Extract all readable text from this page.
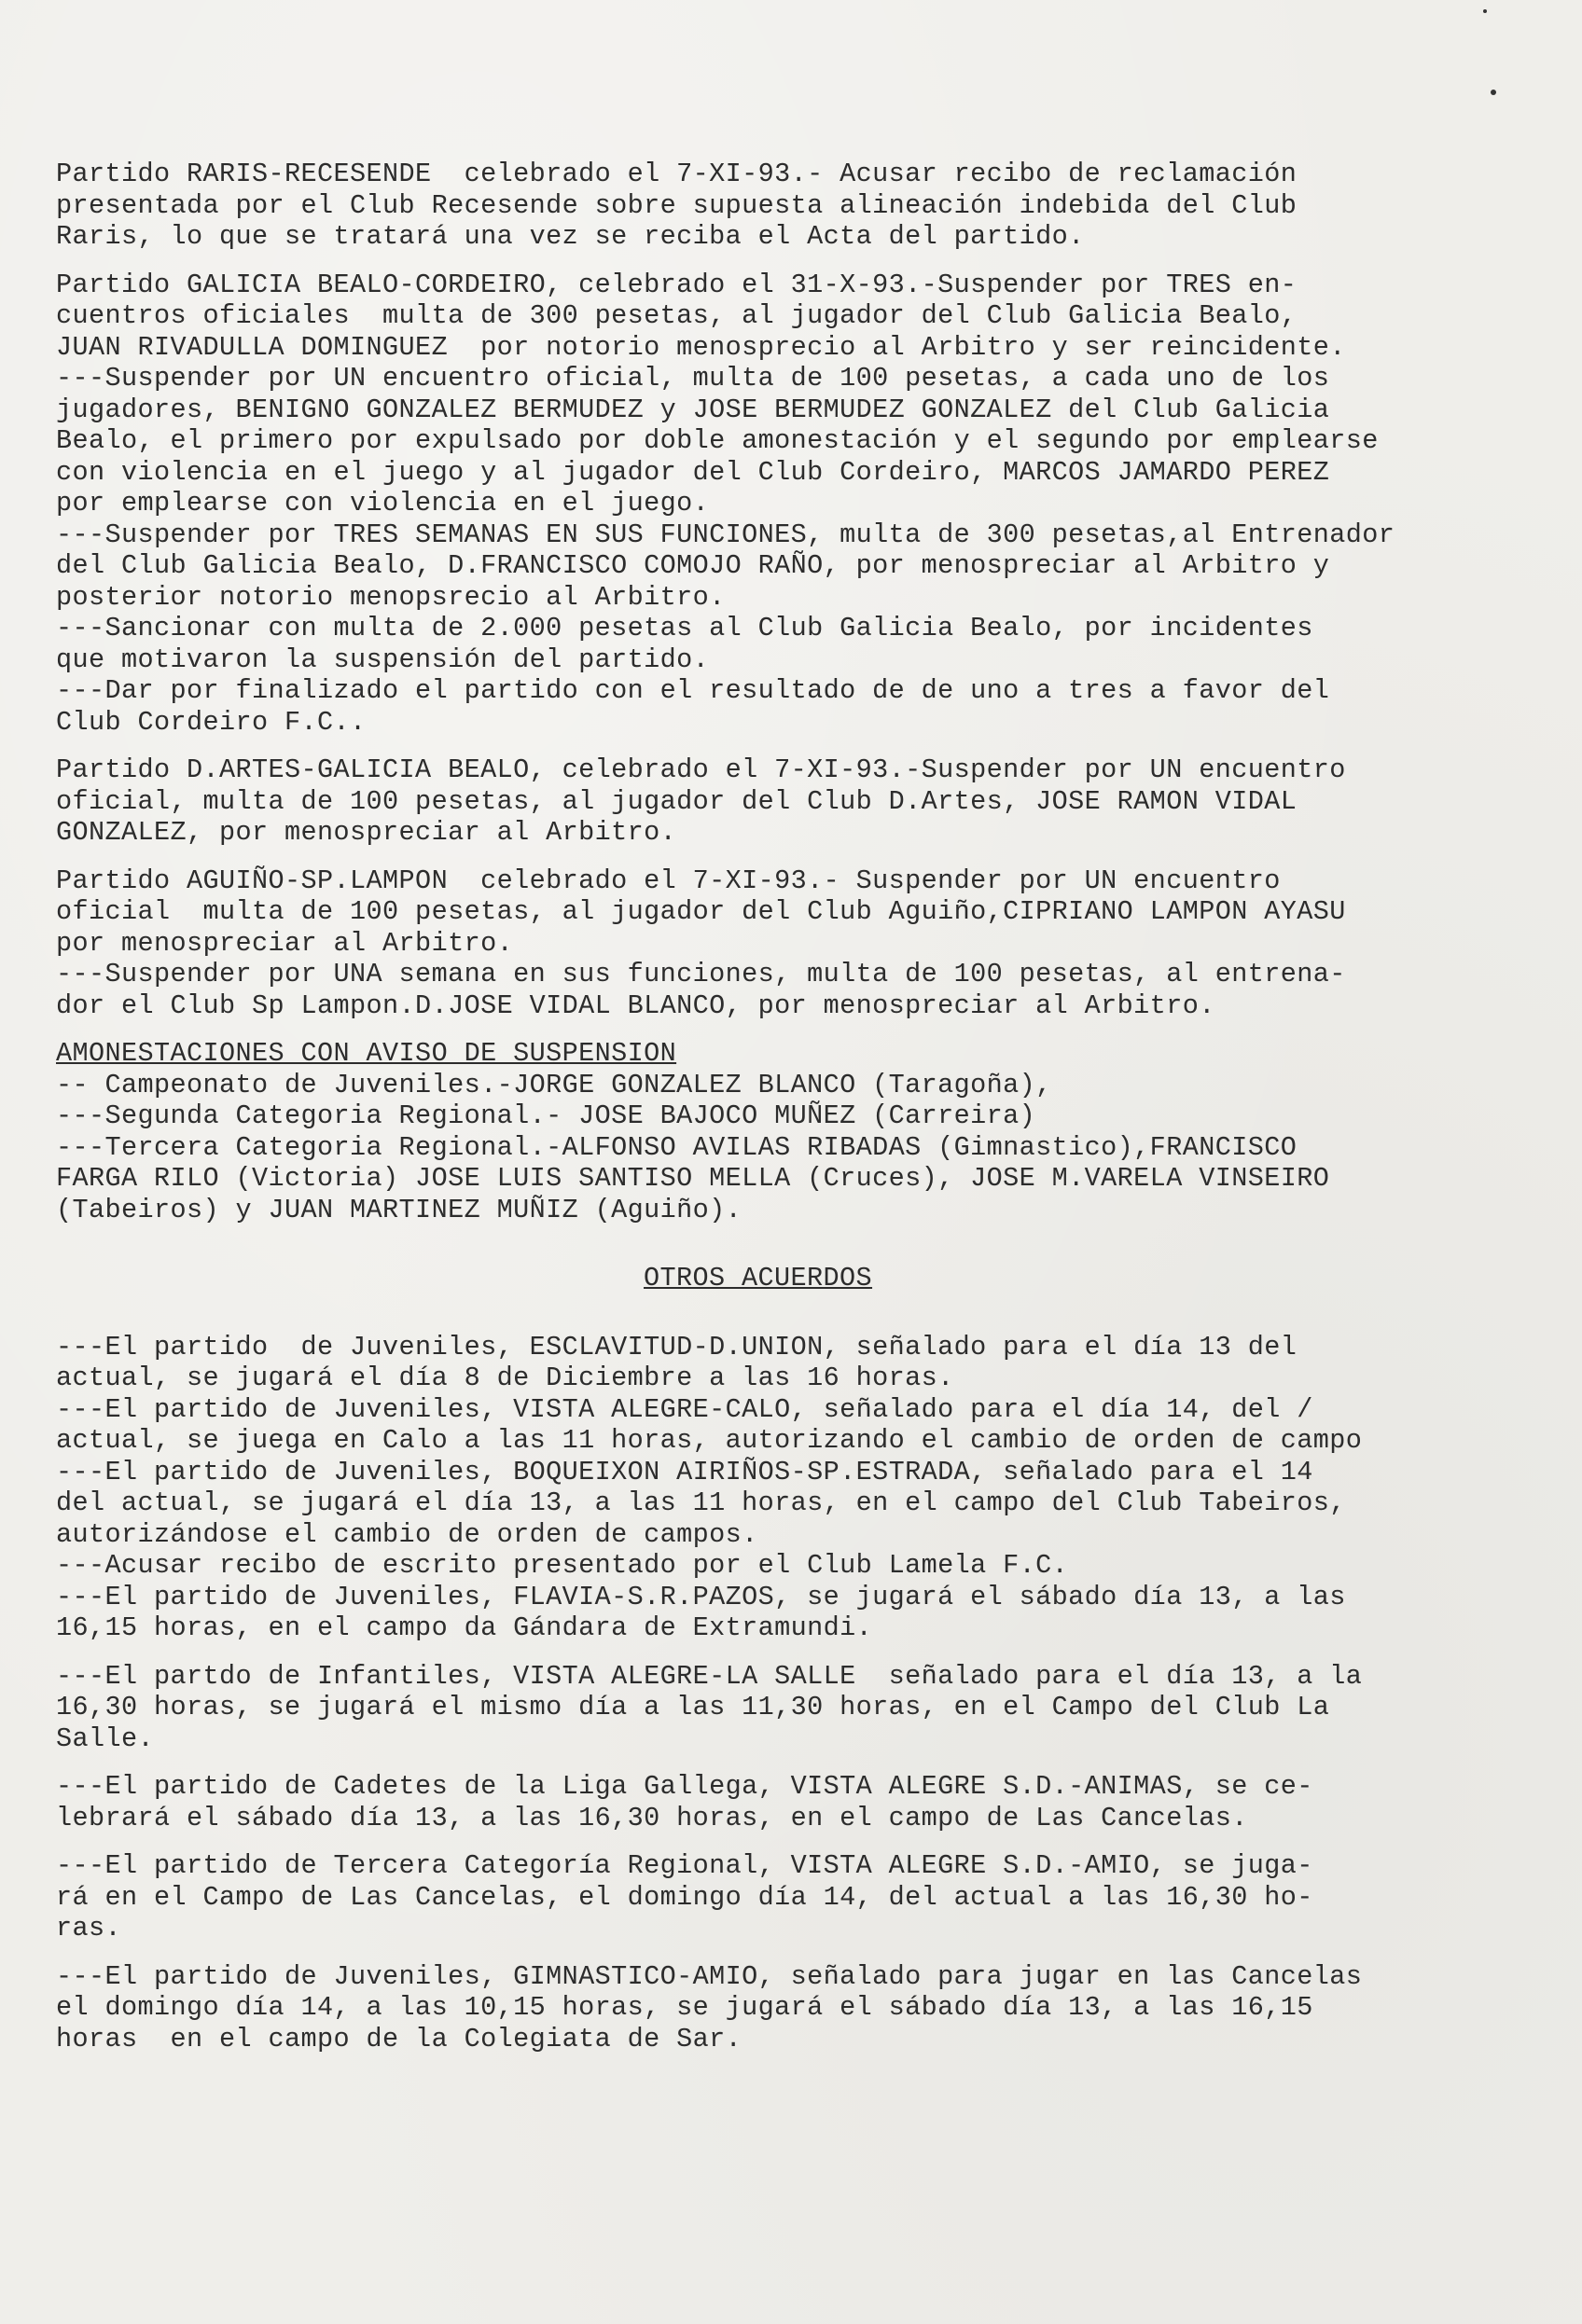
Partido RARIS-RECESENDE  celebrado el 7-XI-93.- Acusar recibo de reclamación
presentada por el Club Recesende sobre supuesta alineación indebida del Club
Raris, lo que se tratará una vez se reciba el Acta del partido.
Partido GALICIA BEALO-CORDEIRO, celebrado el 31-X-93.-Suspender por TRES en-
cuentros oficiales  multa de 300 pesetas, al jugador del Club Galicia Bealo,
JUAN RIVADULLA DOMINGUEZ  por notorio menosprecio al Arbitro y ser reincidente.
---Suspender por UN encuentro oficial, multa de 100 pesetas, a cada uno de los
jugadores, BENIGNO GONZALEZ BERMUDEZ y JOSE BERMUDEZ GONZALEZ del Club Galicia
Bealo, el primero por expulsado por doble amonestación y el segundo por emplearse
con violencia en el juego y al jugador del Club Cordeiro, MARCOS JAMARDO PEREZ
por emplearse con violencia en el juego.
---Suspender por TRES SEMANAS EN SUS FUNCIONES, multa de 300 pesetas,al Entrenador
del Club Galicia Bealo, D.FRANCISCO COMOJO RAÑO, por menospreciar al Arbitro y
posterior notorio menopsrecio al Arbitro.
---Sancionar con multa de 2.000 pesetas al Club Galicia Bealo, por incidentes
que motivaron la suspensión del partido.
---Dar por finalizado el partido con el resultado de de uno a tres a favor del
Club Cordeiro F.C..
Partido D.ARTES-GALICIA BEALO, celebrado el 7-XI-93.-Suspender por UN encuentro
oficial, multa de 100 pesetas, al jugador del Club D.Artes, JOSE RAMON VIDAL
GONZALEZ, por menospreciar al Arbitro.
Partido AGUIÑO-SP.LAMPON  celebrado el 7-XI-93.- Suspender por UN encuentro
oficial  multa de 100 pesetas, al jugador del Club Aguiño,CIPRIANO LAMPON AYASU
por menospreciar al Arbitro.
---Suspender por UNA semana en sus funciones, multa de 100 pesetas, al entrena-
dor el Club Sp Lampon.D.JOSE VIDAL BLANCO, por menospreciar al Arbitro.
AMONESTACIONES CON AVISO DE SUSPENSION
-- Campeonato de Juveniles.-JORGE GONZALEZ BLANCO (Taragoña),
---Segunda Categoria Regional.- JOSE BAJOCO MUÑEZ (Carreira)
---Tercera Categoria Regional.-ALFONSO AVILAS RIBADAS (Gimnastico),FRANCISCO
FARGA RILO (Victoria) JOSE LUIS SANTISO MELLA (Cruces), JOSE M.VARELA VINSEIRO
(Tabeiros) y JUAN MARTINEZ MUÑIZ (Aguiño).
OTROS ACUERDOS
---El partido  de Juveniles, ESCLAVITUD-D.UNION, señalado para el día 13 del
actual, se jugará el día 8 de Diciembre a las 16 horas.
---El partido de Juveniles, VISTA ALEGRE-CALO, señalado para el día 14, del /
actual, se juega en Calo a las 11 horas, autorizando el cambio de orden de campo
---El partido de Juveniles, BOQUEIXON AIRIÑOS-SP.ESTRADA, señalado para el 14
del actual, se jugará el día 13, a las 11 horas, en el campo del Club Tabeiros,
autorizándose el cambio de orden de campos.
---Acusar recibo de escrito presentado por el Club Lamela F.C.
---El partido de Juveniles, FLAVIA-S.R.PAZOS, se jugará el sábado día 13, a las
16,15 horas, en el campo da Gándara de Extramundi.
---El partdo de Infantiles, VISTA ALEGRE-LA SALLE  señalado para el día 13, a la
16,30 horas, se jugará el mismo día a las 11,30 horas, en el Campo del Club La
Salle.
---El partido de Cadetes de la Liga Gallega, VISTA ALEGRE S.D.-ANIMAS, se ce-
lebrará el sábado día 13, a las 16,30 horas, en el campo de Las Cancelas.
---El partido de Tercera Categoría Regional, VISTA ALEGRE S.D.-AMIO, se juga-
rá en el Campo de Las Cancelas, el domingo día 14, del actual a las 16,30 ho-
ras.
---El partido de Juveniles, GIMNASTICO-AMIO, señalado para jugar en las Cancelas
el domingo día 14, a las 10,15 horas, se jugará el sábado día 13, a las 16,15
horas  en el campo de la Colegiata de Sar.
